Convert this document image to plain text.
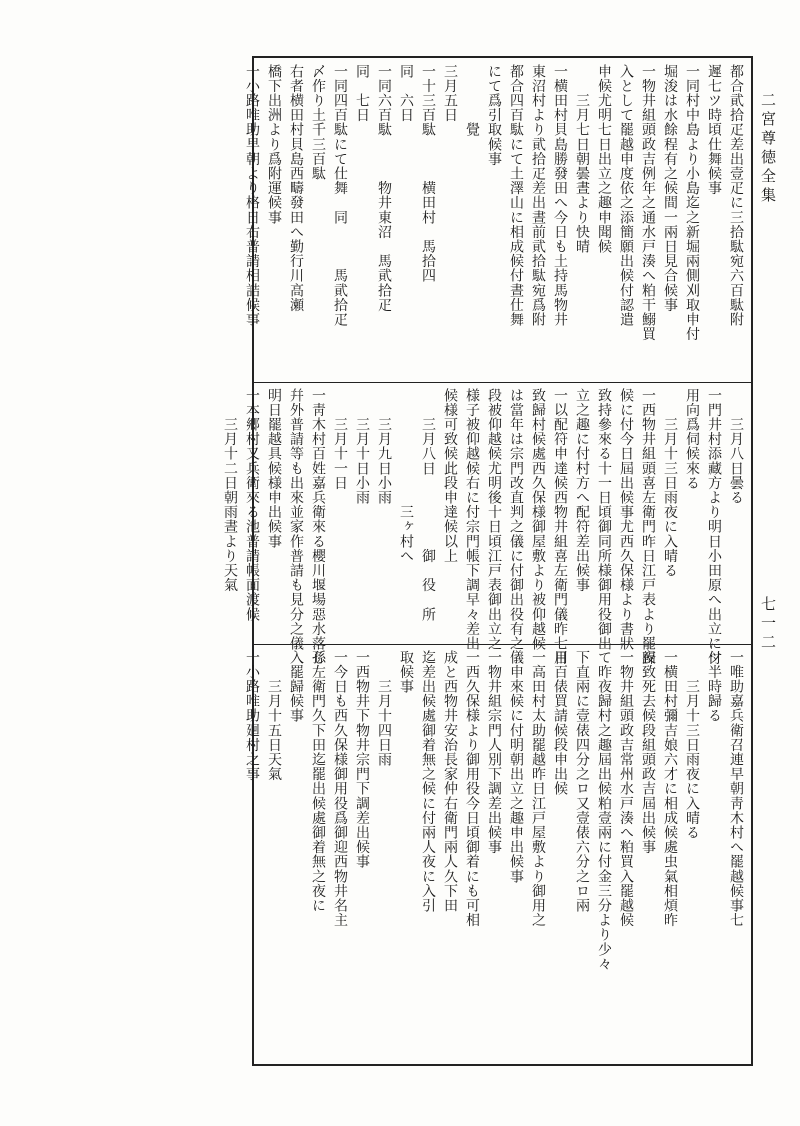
二宮尊徳全集
七一二
都合貮拾疋差出壹疋に三拾駄宛六百駄附
遲七ツ時頃仕舞候事
一同村中島より小島迄之新堀兩側刈取申付
堀浚は水餘程有之候間一兩日見合候事
一物井組頭政吉例年之通水戸湊へ粕干鰯買
入として罷越申度依之添簡願出候付認遣
申候尤明七日出立之趣申聞候
　　三月七日朝曇晝より快晴
一横田村貝島勝發田へ今日も土持馬物井
東沼村より貮拾疋差出晝前貮拾駄宛爲附
都合四百駄にて土澤山に相成候付晝仕舞
にて爲引取候事
　　　　覺
三月五日
一十三百駄　　　横田村　馬拾四
同　六日
一同六百駄　　　物井東沼　馬貮拾疋
同　七日
一同四百駄にて仕舞　同　　　馬貮拾疋
〆作り土千三百駄
右者横田村貝島西疇發田へ勤行川高瀬
橋下出洲より爲附運候事
一小路唯助早朝より格日右普請相詰候事
　　三月八日曇る
一門井村添藏方より明日小田原へ出立に付
用向爲伺候來る
　　三月十三日雨夜に入晴る
一西物井組頭喜左衛門昨日江戸表より罷歸
候に付今日屆出候事尤西久保様より書狀
致持參來る十一日頃御同所様御用役御出
立之趣に付村方へ配符差出候事
一以配符申達候西物井組喜左衛門儀昨七日
致歸村候處西久保様御屋敷より被仰越候
は當年は宗門改直判之儀に付御出役有之
段被仰越候尤明後十日頃江戸表御出立之
様子被仰越候右に付宗門帳下調早々差出
候様可致候此段申達候以上
　　三月八日　　　　　御　役　所
　　　　　　　　三ヶ村へ
　　三月九日小雨
　　三月十日小雨
　　三月十一日
一靑木村百姓嘉兵衛來る櫻川堰場惡水落し
幷外普請等も出來並家作普請も見分之儀
明日罷越具候様申出候事
一本郷村又兵衛來る池普請帳面渡候
　　三月十二日朝雨晝より天氣
一唯助嘉兵衛召連早朝靑木村へ罷越候事七
ツ半時歸る
　　三月十三日雨夜に入晴る
一横田村彌吉娘六才に相成候處虫氣相煩昨
夜致死去候段組頭政吉屆出候事
一物井組頭政吉常州水戸湊へ粕買入罷越候
て昨夜歸村之趣屆出候粕壹兩に付金三分より少々
下直兩に壹俵四分之ロ又壹俵六分之ロ兩
用百俵買請候段申出候
一高田村太助罷越昨日江戸屋敷より御用之
儀申來候に付明朝出立之趣申出候事
一物井組宗門人別下調差出候事
一西久保様より御用役今日頃御着にも可相
成と西物井安治長家仲右衛門兩人久下田
迄差出候處御着無之候に付兩人夜に入引
取候事
　　三月十四日雨
一西物井下物井宗門下調差出候事
一今日も西久保様御用役爲御迎西物井名主
孫左衛門久下田迄罷出候處御着無之夜に
入罷歸候事
　　三月十五日天氣
一小路唯助廻村之事
